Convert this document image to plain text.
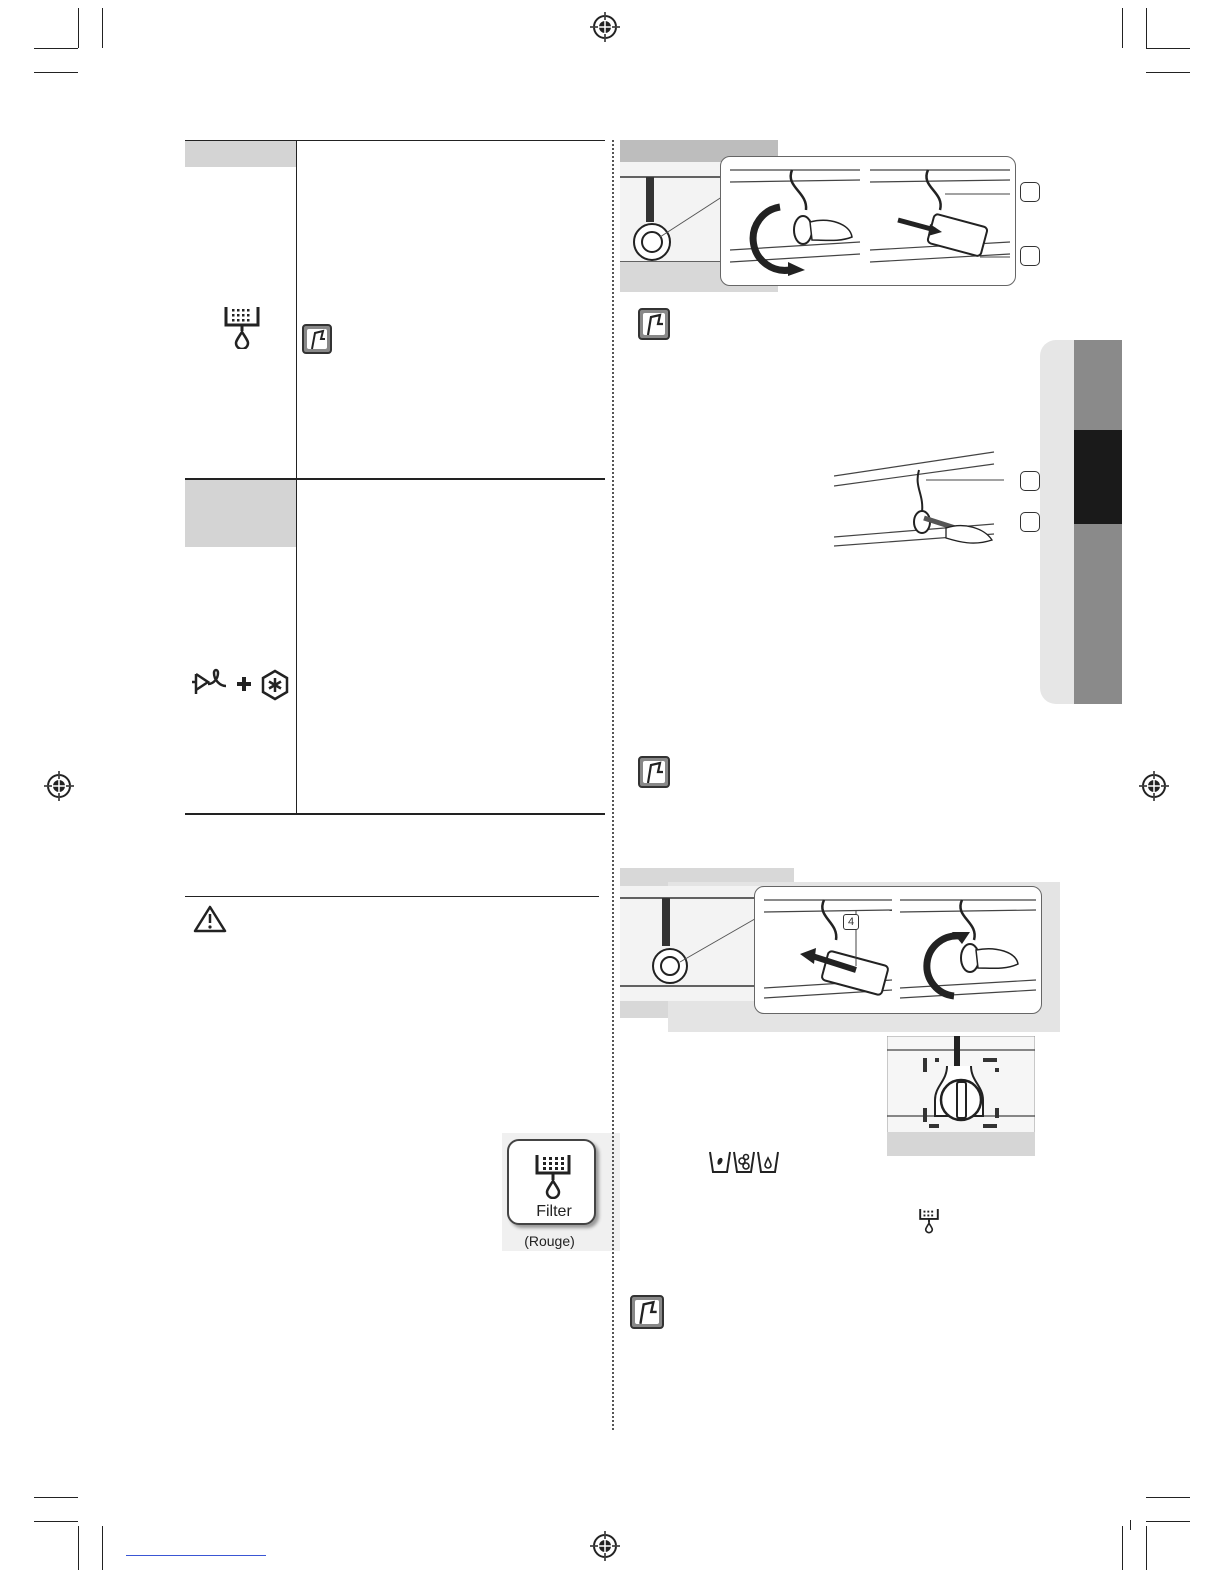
Filter
(Rouge)
4
